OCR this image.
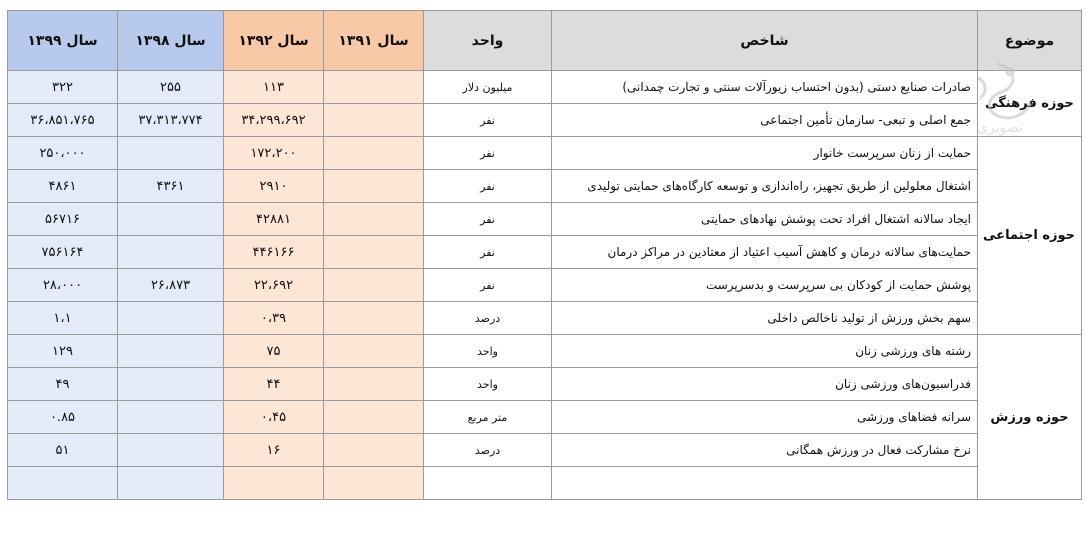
موضوع	شاخص	واحد	سال ۱۳۹۱	سال ۱۳۹۲	سال ۱۳۹۸	سال ۱۳۹۹
حوزه فرهنگی	صادرات صنایع دستی (بدون احتساب زیورآلات سنتی و تجارت چمدانی)	میلیون دلار		۱۱۳	۲۵۵	۳۲۲
	جمع اصلی و تبعی- سازمان تأمین اجتماعی	نفر		۳۴،۲۹۹،۶۹۲	۳۷،۳۱۳،۷۷۴	۳۶،۸۵۱،۷۶۵
حوزه اجتماعی	حمایت از زنان سرپرست خانوار	نفر		۱۷۲،۲۰۰		۲۵۰،۰۰۰
	اشتغال معلولین از طریق تجهیز، راه‌اندازی و توسعه کارگاه‌های حمایتی تولیدی	نفر		۲۹۱۰	۴۳۶۱	۴۸۶۱
	ایجاد سالانه اشتغال افراد تحت پوشش نهادهای حمایتی	نفر		۴۲۸۸۱		۵۶۷۱۶
	حمایت‌های سالانه درمان و کاهش آسیب اعتیاد از معتادین در مراکز درمان	نفر		۴۴۶۱۶۶		۷۵۶۱۶۴
	پوشش حمایت از کودکان بی سرپرست و بدسرپرست	نفر		۲۲،۶۹۲	۲۶،۸۷۳	۲۸،۰۰۰
	سهم بخش ورزش از تولید ناخالص داخلی	درصد		۰،۳۹		۱،۱
حوزه ورزش	رشته های ورزشی زنان	واحد		۷۵		۱۲۹
	فدراسیون‌های ورزشی زنان	واحد		۴۴		۴۹
	سرانه فضاهای ورزشی	متر مربع		۰،۴۵		۰.۸۵
	نرخ مشارکت فعال در ورزش همگانی	درصد		۱۶		۵۱

تصویری
